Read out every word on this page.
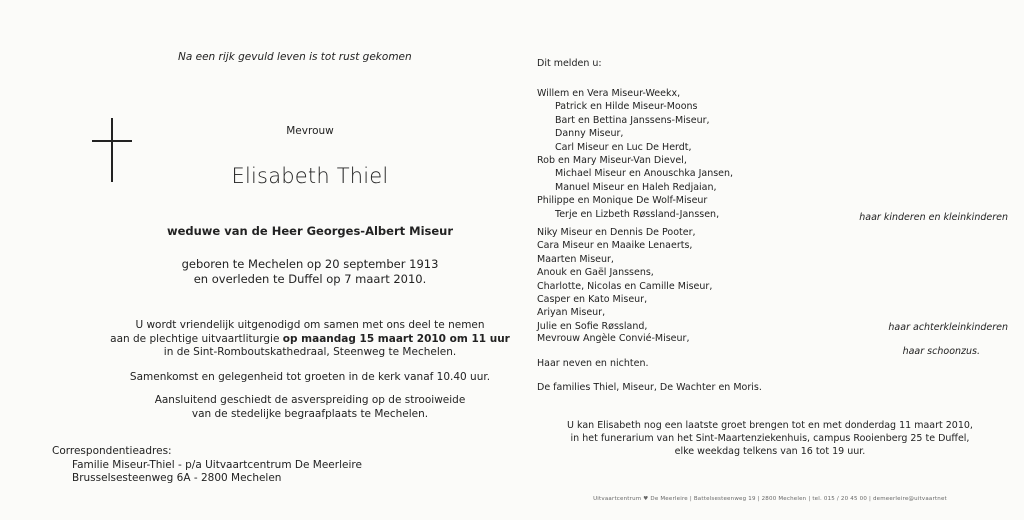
Na een rijk gevuld leven is tot rust gekomen
Mevrouw
Elisabeth Thiel
weduwe van de Heer Georges-Albert Miseur
geboren te Mechelen op 20 september 1913
en overleden te Duffel op 7 maart 2010.
U wordt vriendelijk uitgenodigd om samen met ons deel te nemen
aan de plechtige uitvaartliturgie op maandag 15 maart 2010 om 11 uur
in de Sint-Romboutskathedraal, Steenweg te Mechelen.
Samenkomst en gelegenheid tot groeten in de kerk vanaf 10.40 uur.
Aansluitend geschiedt de asverspreiding op de strooiweide
van de stedelijke begraafplaats te Mechelen.
Correspondentieadres:
Familie Miseur-Thiel - p/a Uitvaartcentrum De Meerleire
Brusselsesteenweg 6A - 2800 Mechelen
Dit melden u:
Willem en Vera Miseur-Weekx,
Patrick en Hilde Miseur-Moons
Bart en Bettina Janssens-Miseur,
Danny Miseur,
Carl Miseur en Luc De Herdt,
Rob en Mary Miseur-Van Dievel,
Michael Miseur en Anouschka Jansen,
Manuel Miseur en Haleh Redjaian,
Philippe en Monique De Wolf-Miseur
Terje en Lizbeth Røssland-Janssen,	haar kinderen en kleinkinderen
Niky Miseur en Dennis De Pooter,
Cara Miseur en Maaike Lenaerts,
Maarten Miseur,
Anouk en Gaël Janssens,
Charlotte, Nicolas en Camille Miseur,
Casper en Kato Miseur,
Ariyan Miseur,
Julie en Sofie Røssland,	haar achterkleinkinderen
Mevrouw Angèle Convié-Miseur,
haar schoonzus.
Haar neven en nichten.
De families Thiel, Miseur, De Wachter en Moris.
U kan Elisabeth nog een laatste groet brengen tot en met donderdag 11 maart 2010,
in het funerarium van het Sint-Maartenziekenhuis, campus Rooienberg 25 te Duffel,
elke weekdag telkens van 16 tot 19 uur.
Uitvaartcentrum ♥ De Meerleire | Battelsesteenweg 19 | 2800 Mechelen | tel. 015 / 20 45 00 | demeerleire@uitvaartnet
